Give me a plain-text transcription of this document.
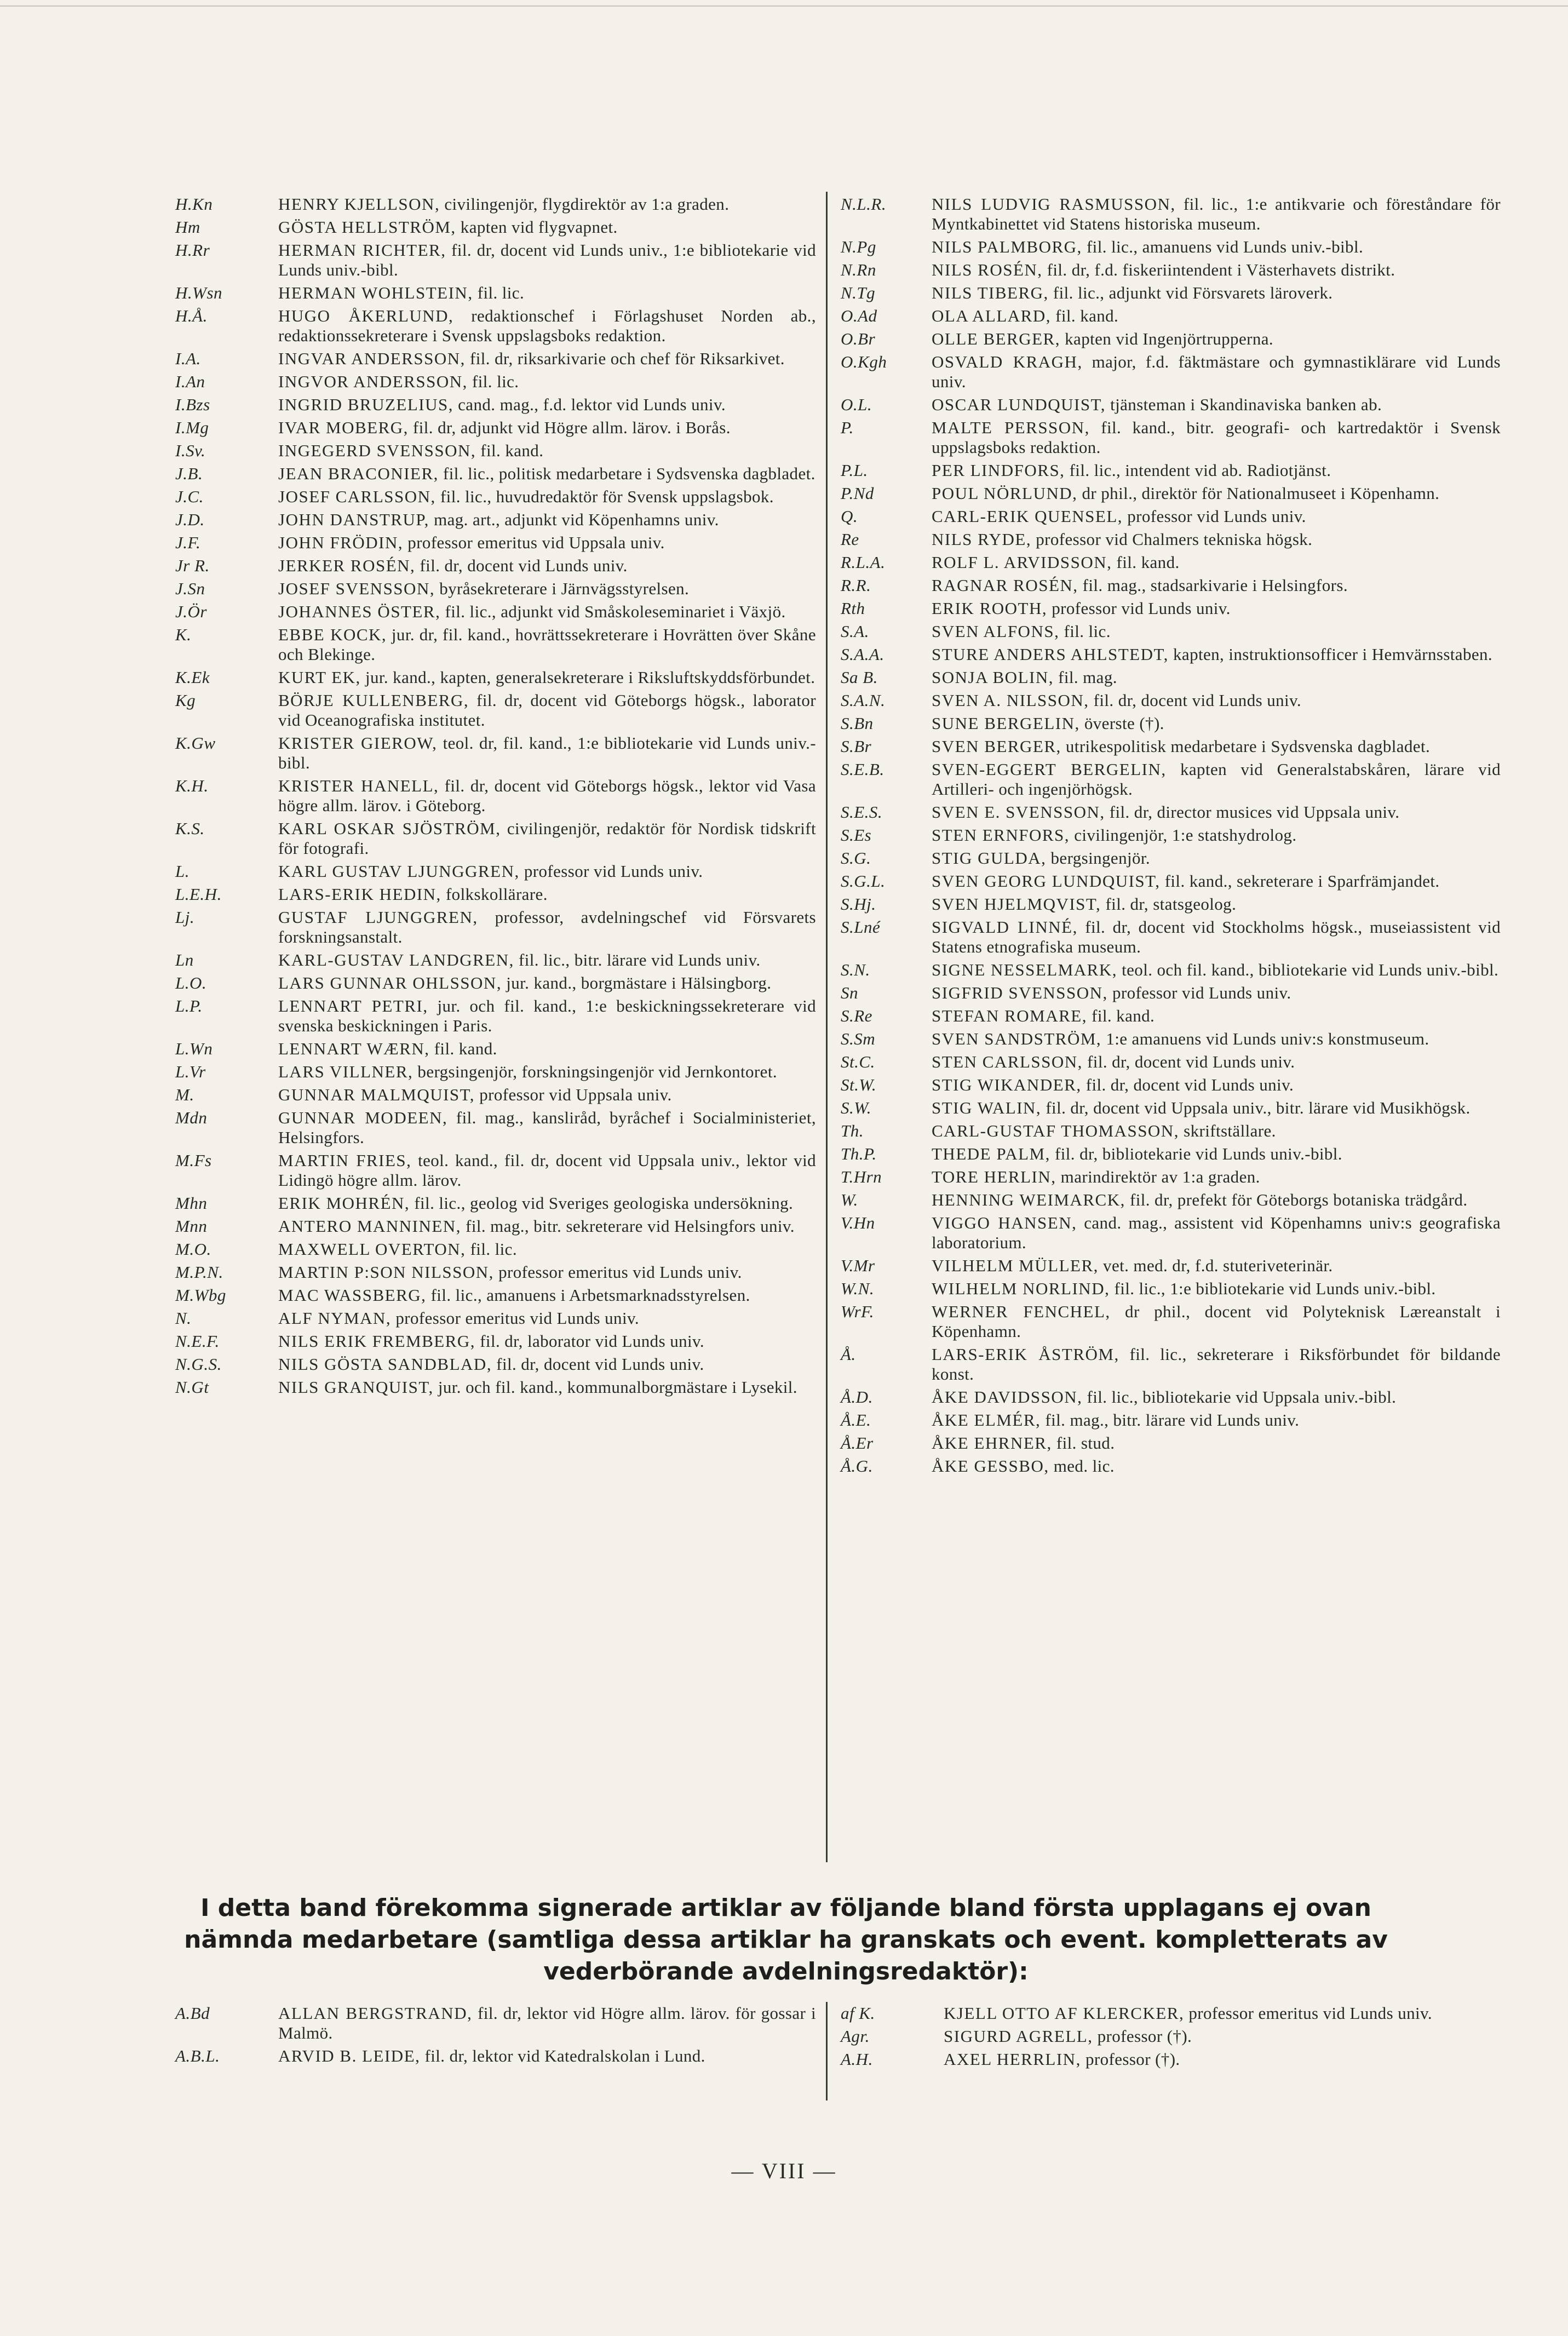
H.Kn	HENRY KJELLSON, civilingenjör, flygdirektör av 1:a graden.
Hm	GÖSTA HELLSTRÖM, kapten vid flygvapnet.
H.Rr	HERMAN RICHTER, fil. dr, docent vid Lunds univ., 1:e bibliotekarie vid Lunds univ.-bibl.
H.Wsn	HERMAN WOHLSTEIN, fil. lic.
H.Å.	HUGO ÅKERLUND, redaktionschef i Förlagshuset Norden ab., redaktionssekreterare i Svensk uppslagsboks redaktion.
I.A.	INGVAR ANDERSSON, fil. dr, riksarkivarie och chef för Riksarkivet.
I.An	INGVOR ANDERSSON, fil. lic.
I.Bzs	INGRID BRUZELIUS, cand. mag., f.d. lektor vid Lunds univ.
I.Mg	IVAR MOBERG, fil. dr, adjunkt vid Högre allm. lärov. i Borås.
I.Sv.	INGEGERD SVENSSON, fil. kand.
J.B.	JEAN BRACONIER, fil. lic., politisk medarbetare i Sydsvenska dagbladet.
J.C.	JOSEF CARLSSON, fil. lic., huvudredaktör för Svensk uppslagsbok.
J.D.	JOHN DANSTRUP, mag. art., adjunkt vid Köpenhamns univ.
J.F.	JOHN FRÖDIN, professor emeritus vid Uppsala univ.
Jr R.	JERKER ROSÉN, fil. dr, docent vid Lunds univ.
J.Sn	JOSEF SVENSSON, byråsekreterare i Järnvägsstyrelsen.
J.Ör	JOHANNES ÖSTER, fil. lic., adjunkt vid Småskoleseminariet i Växjö.
K.	EBBE KOCK, jur. dr, fil. kand., hovrättssekreterare i Hovrätten över Skåne och Blekinge.
K.Ek	KURT EK, jur. kand., kapten, generalsekreterare i Riksluftskyddsförbundet.
Kg	BÖRJE KULLENBERG, fil. dr, docent vid Göteborgs högsk., laborator vid Oceanografiska institutet.
K.Gw	KRISTER GIEROW, teol. dr, fil. kand., 1:e bibliotekarie vid Lunds univ.-bibl.
K.H.	KRISTER HANELL, fil. dr, docent vid Göteborgs högsk., lektor vid Vasa högre allm. lärov. i Göteborg.
K.S.	KARL OSKAR SJÖSTRÖM, civilingenjör, redaktör för Nordisk tidskrift för fotografi.
L.	KARL GUSTAV LJUNGGREN, professor vid Lunds univ.
L.E.H.	LARS-ERIK HEDIN, folkskollärare.
Lj.	GUSTAF LJUNGGREN, professor, avdelningschef vid Försvarets forskningsanstalt.
Ln	KARL-GUSTAV LANDGREN, fil. lic., bitr. lärare vid Lunds univ.
L.O.	LARS GUNNAR OHLSSON, jur. kand., borgmästare i Hälsingborg.
L.P.	LENNART PETRI, jur. och fil. kand., 1:e beskickningssekreterare vid svenska beskickningen i Paris.
L.Wn	LENNART WÆRN, fil. kand.
L.Vr	LARS VILLNER, bergsingenjör, forskningsingenjör vid Jernkontoret.
M.	GUNNAR MALMQUIST, professor vid Uppsala univ.
Mdn	GUNNAR MODEEN, fil. mag., kansliråd, byråchef i Socialministeriet, Helsingfors.
M.Fs	MARTIN FRIES, teol. kand., fil. dr, docent vid Uppsala univ., lektor vid Lidingö högre allm. lärov.
Mhn	ERIK MOHRÉN, fil. lic., geolog vid Sveriges geologiska undersökning.
Mnn	ANTERO MANNINEN, fil. mag., bitr. sekreterare vid Helsingfors univ.
M.O.	MAXWELL OVERTON, fil. lic.
M.P.N.	MARTIN P:SON NILSSON, professor emeritus vid Lunds univ.
M.Wbg	MAC WASSBERG, fil. lic., amanuens i Arbetsmarknadsstyrelsen.
N.	ALF NYMAN, professor emeritus vid Lunds univ.
N.E.F.	NILS ERIK FREMBERG, fil. dr, laborator vid Lunds univ.
N.G.S.	NILS GÖSTA SANDBLAD, fil. dr, docent vid Lunds univ.
N.Gt	NILS GRANQUIST, jur. och fil. kand., kommunalborgmästare i Lysekil.
N.L.R.	NILS LUDVIG RASMUSSON, fil. lic., 1:e antikvarie och föreståndare för Myntkabinettet vid Statens historiska museum.
N.Pg	NILS PALMBORG, fil. lic., amanuens vid Lunds univ.-bibl.
N.Rn	NILS ROSÉN, fil. dr, f.d. fiskeriintendent i Västerhavets distrikt.
N.Tg	NILS TIBERG, fil. lic., adjunkt vid Försvarets läroverk.
O.Ad	OLA ALLARD, fil. kand.
O.Br	OLLE BERGER, kapten vid Ingenjörtrupperna.
O.Kgh	OSVALD KRAGH, major, f.d. fäktmästare och gymnastiklärare vid Lunds univ.
O.L.	OSCAR LUNDQUIST, tjänsteman i Skandinaviska banken ab.
P.	MALTE PERSSON, fil. kand., bitr. geografi- och kartredaktör i Svensk uppslagsboks redaktion.
P.L.	PER LINDFORS, fil. lic., intendent vid ab. Radiotjänst.
P.Nd	POUL NÖRLUND, dr phil., direktör för Nationalmuseet i Köpenhamn.
Q.	CARL-ERIK QUENSEL, professor vid Lunds univ.
Re	NILS RYDE, professor vid Chalmers tekniska högsk.
R.L.A.	ROLF L. ARVIDSSON, fil. kand.
R.R.	RAGNAR ROSÉN, fil. mag., stadsarkivarie i Helsingfors.
Rth	ERIK ROOTH, professor vid Lunds univ.
S.A.	SVEN ALFONS, fil. lic.
S.A.A.	STURE ANDERS AHLSTEDT, kapten, instruktionsofficer i Hemvärnsstaben.
Sa B.	SONJA BOLIN, fil. mag.
S.A.N.	SVEN A. NILSSON, fil. dr, docent vid Lunds univ.
S.Bn	SUNE BERGELIN, överste (†).
S.Br	SVEN BERGER, utrikespolitisk medarbetare i Sydsvenska dagbladet.
S.E.B.	SVEN-EGGERT BERGELIN, kapten vid Generalstabskåren, lärare vid Artilleri- och ingenjörhögsk.
S.E.S.	SVEN E. SVENSSON, fil. dr, director musices vid Uppsala univ.
S.Es	STEN ERNFORS, civilingenjör, 1:e statshydrolog.
S.G.	STIG GULDA, bergsingenjör.
S.G.L.	SVEN GEORG LUNDQUIST, fil. kand., sekreterare i Sparfrämjandet.
S.Hj.	SVEN HJELMQVIST, fil. dr, statsgeolog.
S.Lné	SIGVALD LINNÉ, fil. dr, docent vid Stockholms högsk., museiassistent vid Statens etnografiska museum.
S.N.	SIGNE NESSELMARK, teol. och fil. kand., bibliotekarie vid Lunds univ.-bibl.
Sn	SIGFRID SVENSSON, professor vid Lunds univ.
S.Re	STEFAN ROMARE, fil. kand.
S.Sm	SVEN SANDSTRÖM, 1:e amanuens vid Lunds univ:s konstmuseum.
St.C.	STEN CARLSSON, fil. dr, docent vid Lunds univ.
St.W.	STIG WIKANDER, fil. dr, docent vid Lunds univ.
S.W.	STIG WALIN, fil. dr, docent vid Uppsala univ., bitr. lärare vid Musikhögsk.
Th.	CARL-GUSTAF THOMASSON, skriftställare.
Th.P.	THEDE PALM, fil. dr, bibliotekarie vid Lunds univ.-bibl.
T.Hrn	TORE HERLIN, marindirektör av 1:a graden.
W.	HENNING WEIMARCK, fil. dr, prefekt för Göteborgs botaniska trädgård.
V.Hn	VIGGO HANSEN, cand. mag., assistent vid Köpenhamns univ:s geografiska laboratorium.
V.Mr	VILHELM MÜLLER, vet. med. dr, f.d. stuteriveterinär.
W.N.	WILHELM NORLIND, fil. lic., 1:e bibliotekarie vid Lunds univ.-bibl.
WrF.	WERNER FENCHEL, dr phil., docent vid Polyteknisk Læreanstalt i Köpenhamn.
Å.	LARS-ERIK ÅSTRÖM, fil. lic., sekreterare i Riksförbundet för bildande konst.
Å.D.	ÅKE DAVIDSSON, fil. lic., bibliotekarie vid Uppsala univ.-bibl.
Å.E.	ÅKE ELMÉR, fil. mag., bitr. lärare vid Lunds univ.
Å.Er	ÅKE EHRNER, fil. stud.
Å.G.	ÅKE GESSBO, med. lic.
I detta band förekomma signerade artiklar av följande bland första upplagans ej ovan nämnda medarbetare (samtliga dessa artiklar ha granskats och event. kompletterats av vederbörande avdelningsredaktör):
A.Bd	ALLAN BERGSTRAND, fil. dr, lektor vid Högre allm. lärov. för gossar i Malmö.
A.B.L.	ARVID B. LEIDE, fil. dr, lektor vid Katedralskolan i Lund.
af K.	KJELL OTTO AF KLERCKER, professor emeritus vid Lunds univ.
Agr.	SIGURD AGRELL, professor (†).
A.H.	AXEL HERRLIN, professor (†).
— VIII —
